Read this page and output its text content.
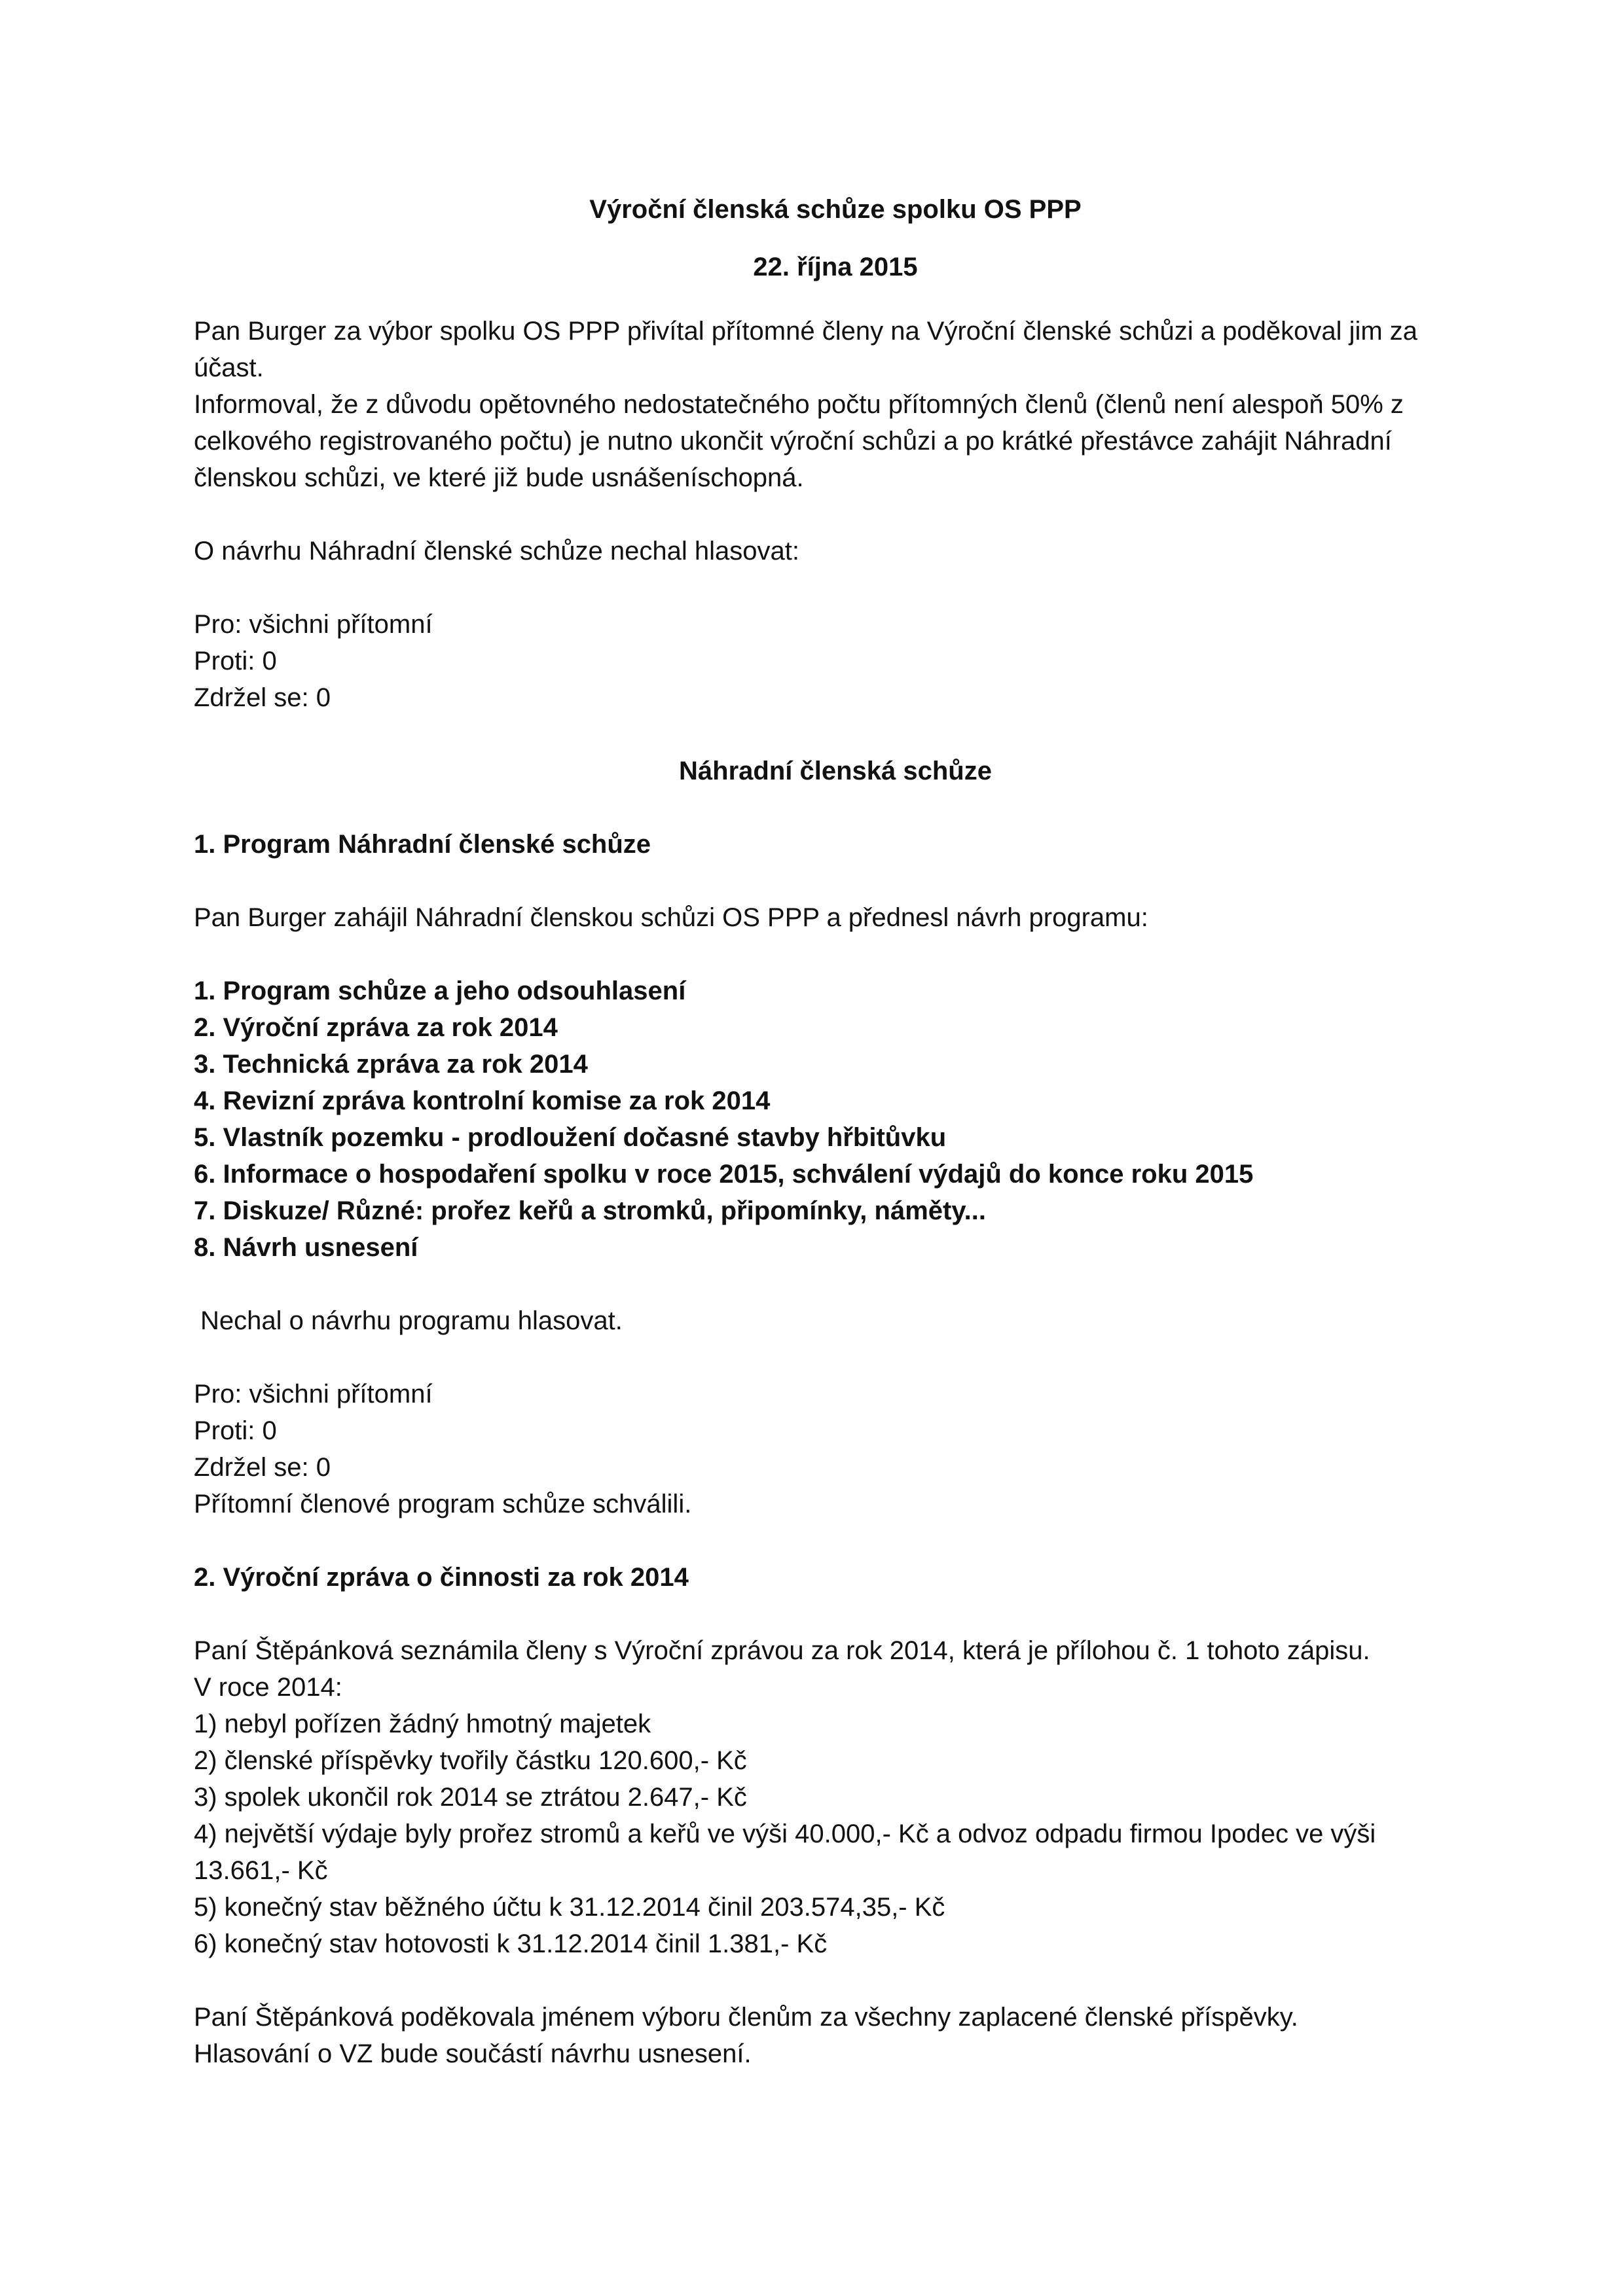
Výroční členská schůze spolku OS PPP
22. října 2015

Pan Burger za výbor spolku OS PPP přivítal přítomné členy na Výroční členské schůzi a poděkoval jim za účast.

Informoval, že z důvodu opětovného nedostatečného počtu přítomných členů (členů není alespoň 50% z celkového registrovaného počtu) je nutno ukončit výroční schůzi a po krátké přestávce zahájit Náhradní členskou schůzi, ve které již bude usnášeníschopná.

O návrhu Náhradní členské schůze nechal hlasovat:

Pro: všichni přítomní

Proti: 0

Zdržel se: 0

Náhradní členská schůze

1. Program Náhradní členské schůze

Pan Burger zahájil Náhradní členskou schůzi OS PPP a přednesl návrh programu:

1. Program schůze a jeho odsouhlasení
2. Výroční zpráva za rok 2014
3. Technická zpráva za rok 2014
4. Revizní zpráva kontrolní komise za rok 2014
5. Vlastník pozemku - prodloužení dočasné stavby hřbitůvku
6. Informace o hospodaření spolku v roce 2015, schválení výdajů do konce roku 2015
7. Diskuze/ Různé: prořez keřů a stromků, připomínky, náměty...
8. Návrh usnesení

Nechal o návrhu programu hlasovat.

Pro: všichni přítomní

Proti: 0

Zdržel se: 0

Přítomní členové program schůze schválili.

2. Výroční zpráva o činnosti za rok 2014

Paní Štěpánková seznámila členy s Výroční zprávou za rok 2014, která je přílohou č. 1 tohoto zápisu.

V roce 2014:

1) nebyl pořízen žádný hmotný majetek
2) členské příspěvky tvořily částku 120.600,- Kč
3) spolek ukončil rok 2014 se ztrátou 2.647,- Kč
4) největší výdaje byly prořez stromů a keřů ve výši 40.000,- Kč a odvoz odpadu firmou Ipodec ve výši 13.661,- Kč
5) konečný stav běžného účtu k 31.12.2014 činil 203.574,35,- Kč
6) konečný stav hotovosti k 31.12.2014 činil 1.381,- Kč

Paní Štěpánková poděkovala jménem výboru členům za všechny zaplacené členské příspěvky.

Hlasování o VZ bude součástí návrhu usnesení.
